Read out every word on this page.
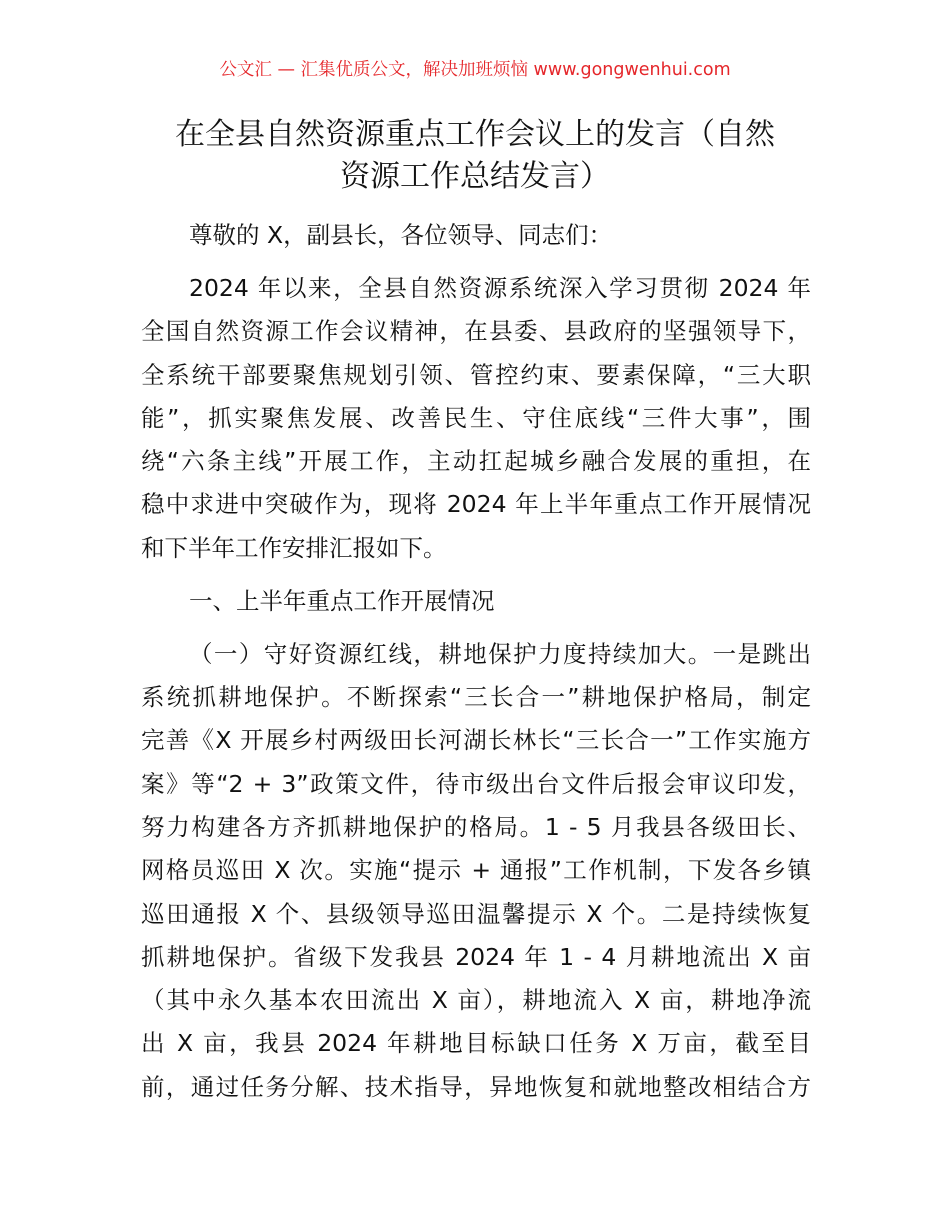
公文汇 — 汇集优质公文，解决加班烦恼 www.gongwenhui.com
在全县自然资源重点工作会议上的发言（自然
资源工作总结发言）
尊敬的 X，副县长，各位领导、同志们：
2024 年以来，全县自然资源系统深入学习贯彻 2024 年
全国自然资源工作会议精神，在县委、县政府的坚强领导下，
全系统干部要聚焦规划引领、管控约束、要素保障，“三大职
能”，抓实聚焦发展、改善民生、守住底线“三件大事”，围
绕“六条主线”开展工作，主动扛起城乡融合发展的重担，在
稳中求进中突破作为，现将 2024 年上半年重点工作开展情况
和下半年工作安排汇报如下。
一、上半年重点工作开展情况
（一）守好资源红线，耕地保护力度持续加大。一是跳出
系统抓耕地保护。不断探索“三长合一”耕地保护格局，制定
完善《X 开展乡村两级田长河湖长林长“三长合一”工作实施方
案》等“2 + 3”政策文件，待市级出台文件后报会审议印发，
努力构建各方齐抓耕地保护的格局。1 - 5 月我县各级田长、
网格员巡田 X 次。实施“提示 + 通报”工作机制，下发各乡镇
巡田通报 X 个、县级领导巡田温馨提示 X 个。二是持续恢复
抓耕地保护。省级下发我县 2024 年 1 - 4 月耕地流出 X 亩
（其中永久基本农田流出 X 亩），耕地流入 X 亩，耕地净流
出 X 亩，我县 2024 年耕地目标缺口任务 X 万亩，截至目
前，通过任务分解、技术指导，异地恢复和就地整改相结合方
